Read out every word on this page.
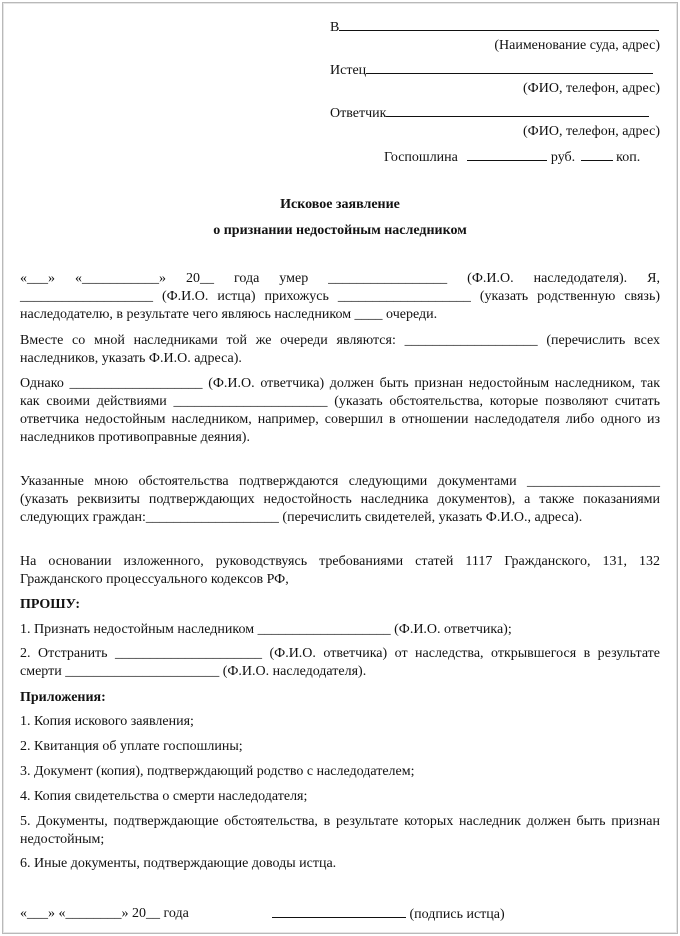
В
(Наименование суда, адрес)
Истец
(ФИО, телефон, адрес)
Ответчик
(ФИО, телефон, адрес)
Госпошлина	руб.	коп.
Исковое заявление
о признании недостойным наследником
«___» «___________» 20__ года умер _________________ (Ф.И.О. наследодателя). Я, ___________________ (Ф.И.О. истца) прихожусь ___________________ (указать родственную связь) наследодателю, в результате чего являюсь наследником ____ очереди.
Вместе со мной наследниками той же очереди являются: ___________________ (перечислить всех наследников, указать Ф.И.О. адреса).
Однако ___________________ (Ф.И.О. ответчика) должен быть признан недостойным наследником, так как своими действиями ______________________ (указать обстоятельства, которые позволяют считать ответчика недостойным наследником, например, совершил в отношении наследодателя либо одного из наследников противоправные деяния).
Указанные мною обстоятельства подтверждаются следующими документами ___________________ (указать реквизиты подтверждающих недостойность наследника документов), а также показаниями следующих граждан:___________________ (перечислить свидетелей, указать Ф.И.О., адреса).
На основании изложенного, руководствуясь требованиями статей 1117 Гражданского, 131, 132 Гражданского процессуального кодексов РФ,
ПРОШУ:
1. Признать недостойным наследником ___________________ (Ф.И.О. ответчика);
2. Отстранить _____________________ (Ф.И.О. ответчика) от наследства, открывшегося в результате смерти ______________________ (Ф.И.О. наследодателя).
Приложения:
1. Копия искового заявления;
2. Квитанция об уплате госпошлины;
3. Документ (копия), подтверждающий родство с наследодателем;
4. Копия свидетельства о смерти наследодателя;
5. Документы, подтверждающие обстоятельства, в результате которых наследник должен быть признан недостойным;
6. Иные документы, подтверждающие доводы истца.
«___» «________» 20__ года	(подпись истца)
